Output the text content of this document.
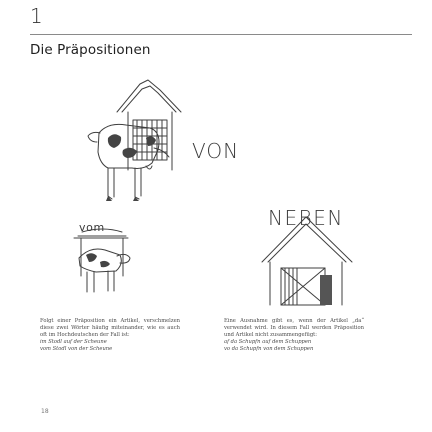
1
Die Präpositionen
VON
vom	NEBEN

Folgt einer Präposition ein Artikel, verschmelzen diese zwei Wörter häufig miteinander, wie es auch oft im Hochdeutschen der Fall ist:

im Stodl auf der Scheune

vom Stodl von der Scheune

Eine Ausnahme gibt es, wenn der Artikel „da“ verwendet wird. In diesem Fall werden Präposition und Artikel nicht zusammengefügt:

af da Schupfn auf dem Schuppen

vo da Schupfn von dem Schuppen

18
